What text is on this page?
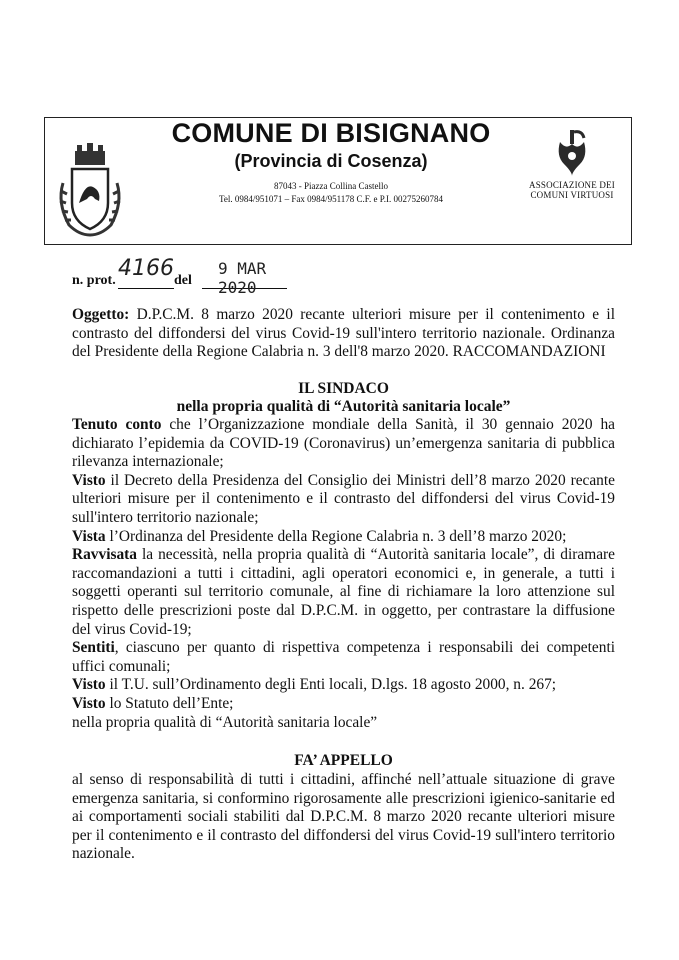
COMUNE DI BISIGNANO
(Provincia di Cosenza)
87043 - Piazza Collina Castello
Tel. 0984/951071 – Fax 0984/951178 C.F. e P.I. 00275260784
ASSOCIAZIONE DEI
COMUNI VIRTUOSI
n. prot. 4166 del
9 MAR 2020
Oggetto: D.P.C.M. 8 marzo 2020 recante ulteriori misure per il contenimento e il contrasto del diffondersi del virus Covid-19 sull'intero territorio nazionale. Ordinanza del Presidente della Regione Calabria n. 3 dell'8 marzo 2020. RACCOMANDAZIONI
IL SINDACO
nella propria qualità di “Autorità sanitaria locale”
Tenuto conto che l’Organizzazione mondiale della Sanità, il 30 gennaio 2020 ha dichiarato l’epidemia da COVID-19 (Coronavirus) un’emergenza sanitaria di pubblica rilevanza internazionale;
Visto il Decreto della Presidenza del Consiglio dei Ministri dell’8 marzo 2020 recante ulteriori misure per il contenimento e il contrasto del diffondersi del virus Covid-19 sull'intero territorio nazionale;
Vista l’Ordinanza del Presidente della Regione Calabria n. 3 dell’8 marzo 2020;
Ravvisata la necessità, nella propria qualità di “Autorità sanitaria locale”, di diramare raccomandazioni a tutti i cittadini, agli operatori economici e, in generale, a tutti i soggetti operanti sul territorio comunale, al fine di richiamare la loro attenzione sul rispetto delle prescrizioni poste dal D.P.C.M. in oggetto, per contrastare la diffusione del virus Covid-19;
Sentiti, ciascuno per quanto di rispettiva competenza i responsabili dei competenti uffici comunali;
Visto il T.U. sull’Ordinamento degli Enti locali, D.lgs. 18 agosto 2000, n. 267;
Visto lo Statuto dell’Ente;
nella propria qualità di “Autorità sanitaria locale”
FA’ APPELLO
al senso di responsabilità di tutti i cittadini, affinché nell’attuale situazione di grave emergenza sanitaria, si conformino rigorosamente alle prescrizioni igienico-sanitarie ed ai comportamenti sociali stabiliti dal D.P.C.M. 8 marzo 2020 recante ulteriori misure per il contenimento e il contrasto del diffondersi del virus Covid-19 sull'intero territorio nazionale.
